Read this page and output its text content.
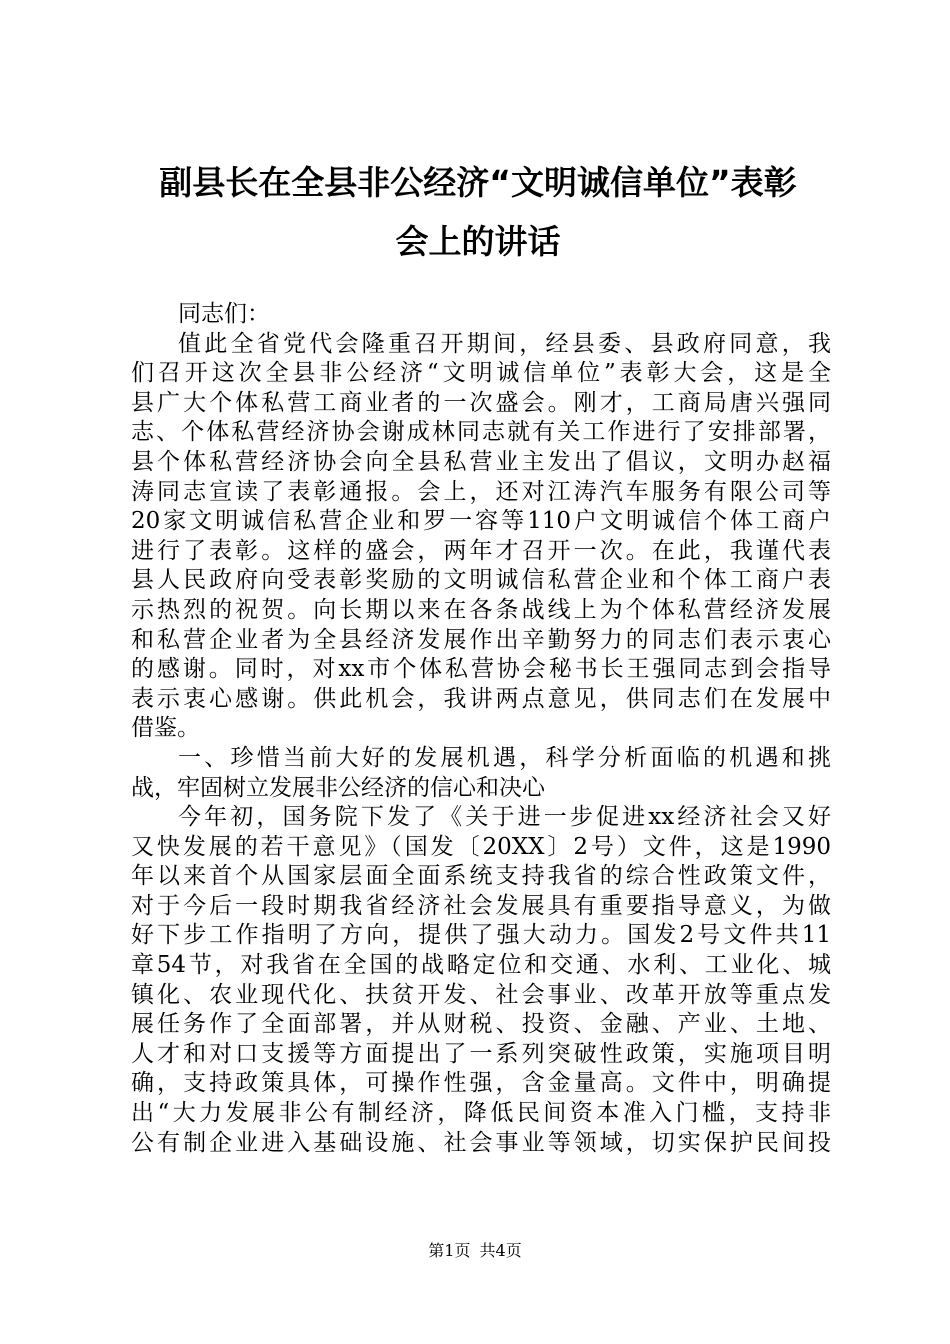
副县长在全县非公经济“文明诚信单位”表彰
会上的讲话
同志们：
值此全省党代会隆重召开期间，经县委、县政府同意，我
们召开这次全县非公经济“文明诚信单位”表彰大会，这是全
县广大个体私营工商业者的一次盛会。刚才，工商局唐兴强同
志、个体私营经济协会谢成林同志就有关工作进行了安排部署，
县个体私营经济协会向全县私营业主发出了倡议，文明办赵福
涛同志宣读了表彰通报。会上，还对江涛汽车服务有限公司等
20家文明诚信私营企业和罗一容等110户文明诚信个体工商户
进行了表彰。这样的盛会，两年才召开一次。在此，我谨代表
县人民政府向受表彰奖励的文明诚信私营企业和个体工商户表
示热烈的祝贺。向长期以来在各条战线上为个体私营经济发展
和私营企业者为全县经济发展作出辛勤努力的同志们表示衷心
的感谢。同时，对xx市个体私营协会秘书长王强同志到会指导
表示衷心感谢。供此机会，我讲两点意见，供同志们在发展中
借鉴。
一、珍惜当前大好的发展机遇，科学分析面临的机遇和挑
战，牢固树立发展非公经济的信心和决心
今年初，国务院下发了《关于进一步促进xx经济社会又好
又快发展的若干意见》（国发〔20XX〕2号）文件，这是1990
年以来首个从国家层面全面系统支持我省的综合性政策文件，
对于今后一段时期我省经济社会发展具有重要指导意义，为做
好下步工作指明了方向，提供了强大动力。国发2号文件共11
章54节，对我省在全国的战略定位和交通、水利、工业化、城
镇化、农业现代化、扶贫开发、社会事业、改革开放等重点发
展任务作了全面部署，并从财税、投资、金融、产业、土地、
人才和对口支援等方面提出了一系列突破性政策，实施项目明
确，支持政策具体，可操作性强，含金量高。文件中，明确提
出“大力发展非公有制经济，降低民间资本准入门槛，支持非
公有制企业进入基础设施、社会事业等领域，切实保护民间投
第1页 共4页
